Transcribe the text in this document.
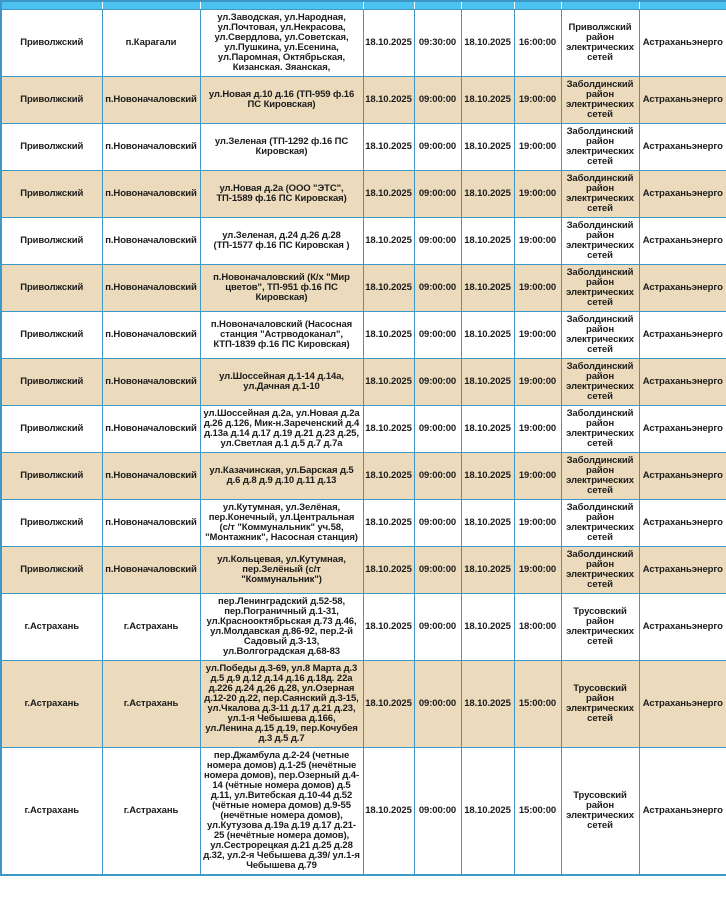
Приволжский	п.Карагали	ул.Заводская, ул.Народная, ул.Почтовая, ул.Некрасова, ул.Свердлова, ул.Советская, ул.Пушкина, ул.Есенина, ул.Паромная, Октябрьская, Кизанская. Зяанская,	18.10.2025	09:30:00	18.10.2025	16:00:00	Приволжский район электрических сетей	Астраханьэнерго
Приволжский	п.Новоначаловский	ул.Новая д.10 д.16 (ТП-959 ф.16 ПС Кировская)	18.10.2025	09:00:00	18.10.2025	19:00:00	Заболдинский район электрических сетей	Астраханьэнерго
Приволжский	п.Новоначаловский	ул.Зеленая (ТП-1292 ф.16 ПС Кировская)	18.10.2025	09:00:00	18.10.2025	19:00:00	Заболдинский район электрических сетей	Астраханьэнерго
Приволжский	п.Новоначаловский	ул.Новая д.2а (ООО "ЭТС", ТП-1589 ф.16 ПС Кировская)	18.10.2025	09:00:00	18.10.2025	19:00:00	Заболдинский район электрических сетей	Астраханьэнерго
Приволжский	п.Новоначаловский	ул.Зеленая, д.24 д.26 д.28 (ТП-1577 ф.16 ПС Кировская )	18.10.2025	09:00:00	18.10.2025	19:00:00	Заболдинский район электрических сетей	Астраханьэнерго
Приволжский	п.Новоначаловский	п.Новоначаловский (К/х "Мир цветов", ТП-951 ф.16 ПС Кировская)	18.10.2025	09:00:00	18.10.2025	19:00:00	Заболдинский район электрических сетей	Астраханьэнерго
Приволжский	п.Новоначаловский	п.Новоначаловский (Насосная станция "Астрводоканал", КТП-1839 ф.16 ПС Кировская)	18.10.2025	09:00:00	18.10.2025	19:00:00	Заболдинский район электрических сетей	Астраханьэнерго
Приволжский	п.Новоначаловский	ул.Шоссейная д.1-14 д.14а, ул.Дачная д.1-10	18.10.2025	09:00:00	18.10.2025	19:00:00	Заболдинский район электрических сетей	Астраханьэнерго
Приволжский	п.Новоначаловский	ул.Шоссейная д.2а, ул.Новая д.2а д.26 д.126, Мик-н.Зареченский д.4 д.13а д.14 д.17 д.19 д.21 д.23 д.25, ул.Светлая д.1 д.5 д.7 д.7а	18.10.2025	09:00:00	18.10.2025	19:00:00	Заболдинский район электрических сетей	Астраханьэнерго
Приволжский	п.Новоначаловский	ул.Казачинская, ул.Барская д.5 д.6 д.8 д.9 д.10 д.11 д.13	18.10.2025	09:00:00	18.10.2025	19:00:00	Заболдинский район электрических сетей	Астраханьэнерго
Приволжский	п.Новоначаловский	ул.Кутумная, ул.Зелёная, пер.Конечный, ул.Центральная (с/т "Коммунальник" уч.58, "Монтажник", Насосная станция)	18.10.2025	09:00:00	18.10.2025	19:00:00	Заболдинский район электрических сетей	Астраханьэнерго
Приволжский	п.Новоначаловский	ул.Кольцевая, ул.Кутумная, пер.Зелёный (с/т "Коммунальник")	18.10.2025	09:00:00	18.10.2025	19:00:00	Заболдинский район электрических сетей	Астраханьэнерго
г.Астрахань	г.Астрахань	пер.Ленинградский д.52-58, пер.Пограничный д.1-31, ул.Краснооктябрьская д.73 д.46, ул.Молдавская д.86-92, пер.2-й Садовый д.3-13, ул.Волгоградская д.68-83	18.10.2025	09:00:00	18.10.2025	18:00:00	Трусовский район электрических сетей	Астраханьэнерго
г.Астрахань	г.Астрахань	ул.Победы д.3-69, ул.8 Марта д.3 д.5 д.9 д.12 д.14 д.16 д.18д. 22а д.226 д.24 д.26 д.28, ул.Озерная д.12-20 д.22, пер.Саянский д.3-15, ул.Чкалова д.3-11 д.17 д.21 д.23, ул.1-я Чебышева д.166, ул.Ленина д.15 д.19, пер.Кочубея д.3 д.5 д.7	18.10.2025	09:00:00	18.10.2025	15:00:00	Трусовский район электрических сетей	Астраханьэнерго
г.Астрахань	г.Астрахань	пер.Джамбула д.2-24 (четные номера домов) д.1-25 (нечётные номера домов), пер.Озерный д.4-14 (чётные номера домов) д.5 д.11, ул.Витебская д.10-44 д.52 (чётные номера домов) д.9-55 (нечётные номера домов), ул.Кутузова д.19а д.19 д.17 д.21-25 (нечётные номера домов), ул.Сестрорецкая д.21 д.25 д.28 д.32, ул.2-я Чебышева д.39/ ул.1-я Чебышева д.79	18.10.2025	09:00:00	18.10.2025	15:00:00	Трусовский район электрических сетей	Астраханьэнерго
